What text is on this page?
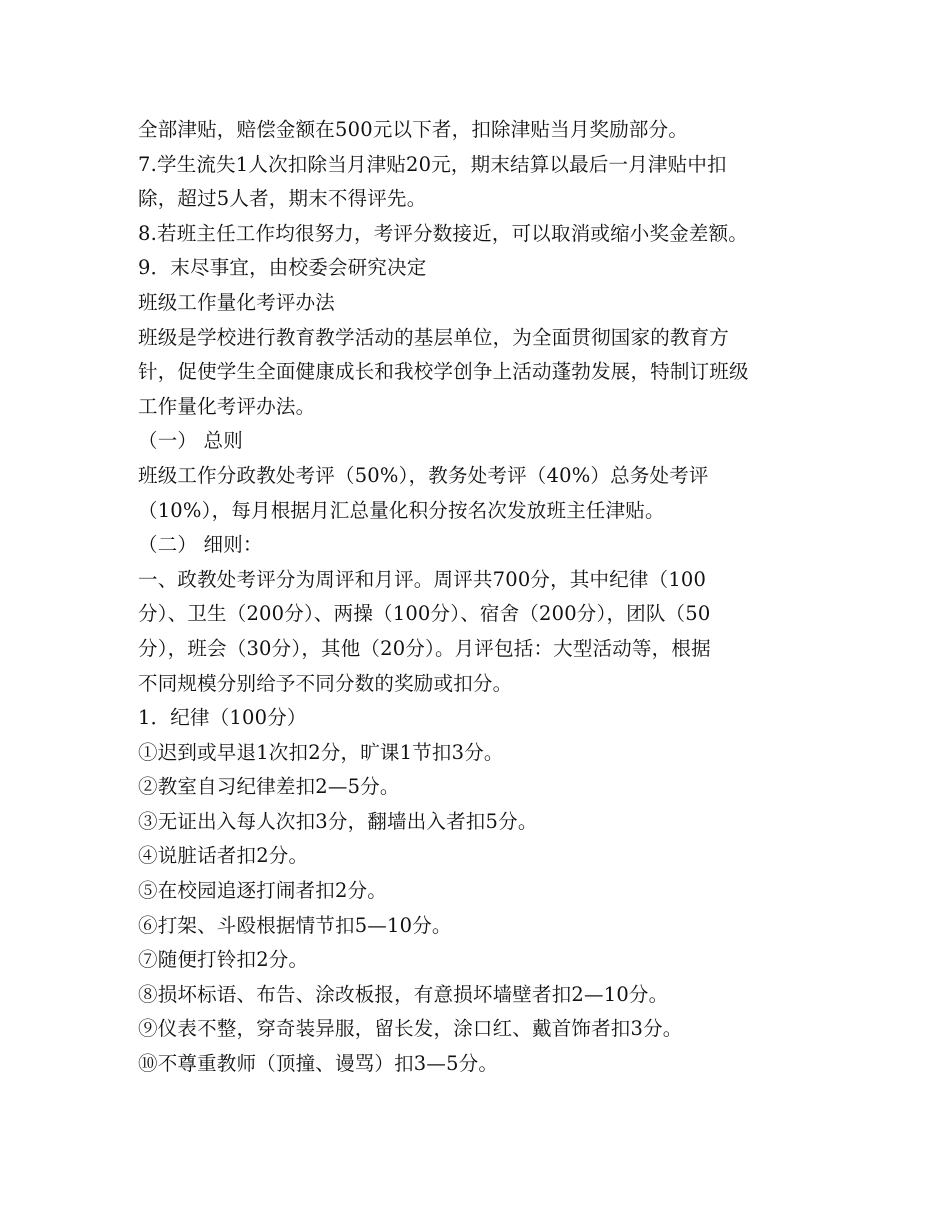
全部津贴，赔偿金额在500元以下者，扣除津贴当月奖励部分。
7.学生流失1人次扣除当月津贴20元，期末结算以最后一月津贴中扣
除，超过5人者，期末不得评先。
8.若班主任工作均很努力，考评分数接近，可以取消或缩小奖金差额。
9．末尽事宜，由校委会研究决定
班级工作量化考评办法
班级是学校进行教育教学活动的基层单位，为全面贯彻国家的教育方
针，促使学生全面健康成长和我校学创争上活动蓬勃发展，特制订班级
工作量化考评办法。
（一） 总则
班级工作分政教处考评（50%），教务处考评（40%）总务处考评
（10%），每月根据月汇总量化积分按名次发放班主任津贴。
（二） 细则：
一、政教处考评分为周评和月评。周评共700分，其中纪律（100
分）、卫生（200分）、两操（100分）、宿舍（200分），团队（50
分），班会（30分），其他（20分）。月评包括：大型活动等，根据
不同规模分别给予不同分数的奖励或扣分。
1．纪律（100分）
①迟到或早退1次扣2分，旷课1节扣3分。
②教室自习纪律差扣2—5分。
③无证出入每人次扣3分，翻墙出入者扣5分。
④说脏话者扣2分。
⑤在校园追逐打闹者扣2分。
⑥打架、斗殴根据情节扣5—10分。
⑦随便打铃扣2分。
⑧损坏标语、布告、涂改板报，有意损坏墙壁者扣2—10分。
⑨仪表不整，穿奇装异服，留长发，涂口红、戴首饰者扣3分。
⑩不尊重教师（顶撞、谩骂）扣3—5分。
